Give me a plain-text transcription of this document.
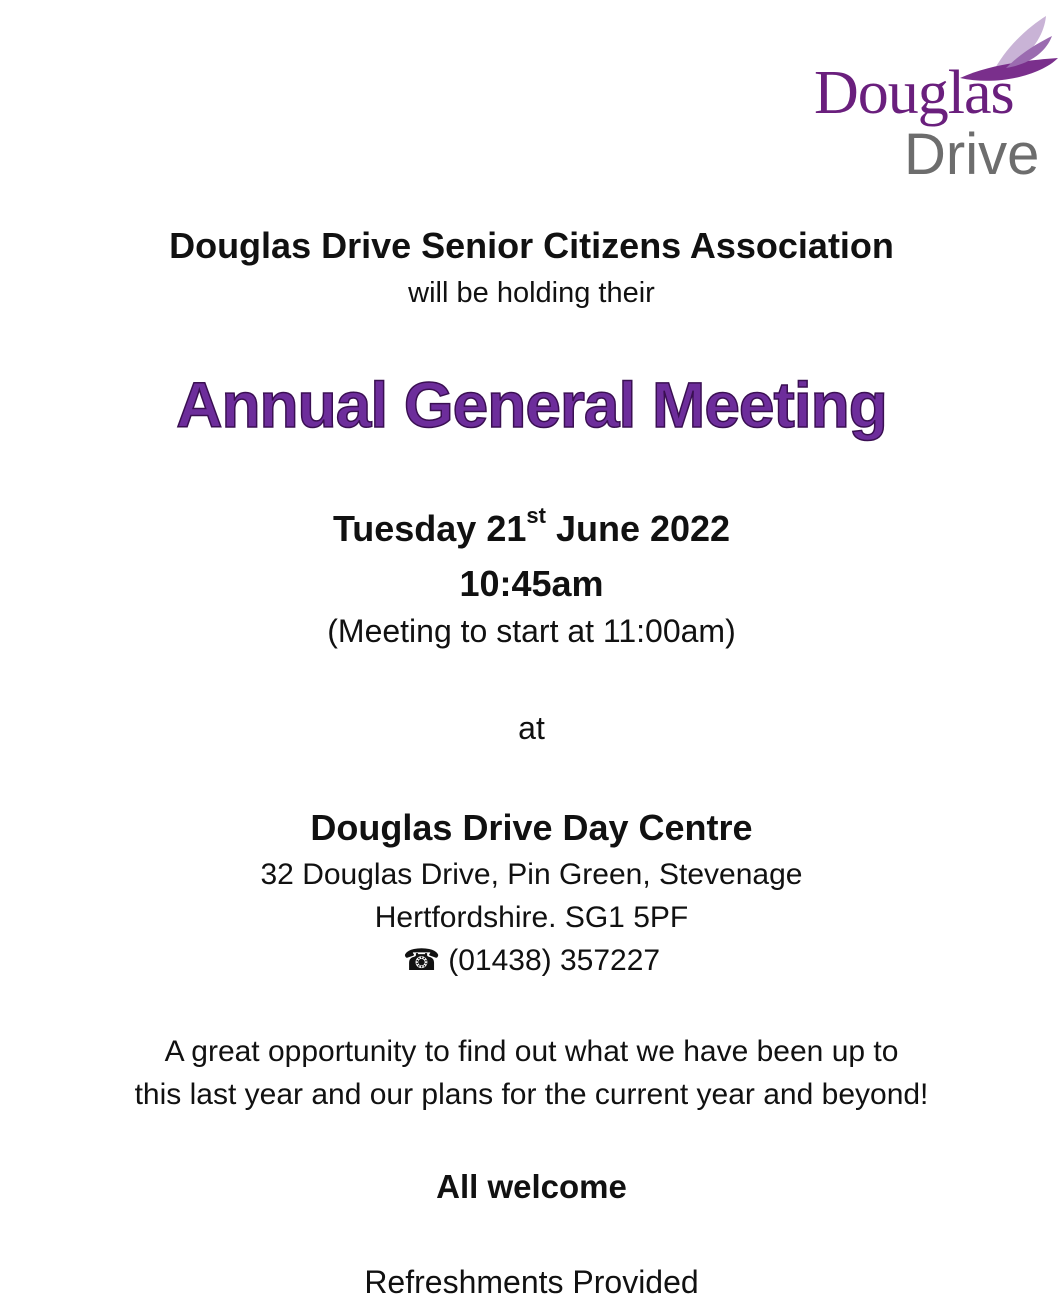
Douglas
Drive
Douglas Drive Senior Citizens Association
will be holding their
Annual General Meeting
Tuesday 21st June 2022
10:45am
(Meeting to start at 11:00am)
at
Douglas Drive Day Centre
32 Douglas Drive, Pin Green, Stevenage
Hertfordshire. SG1 5PF
☎ (01438) 357227
A great opportunity to find out what we have been up to
this last year and our plans for the current year and beyond!
All welcome
Refreshments Provided
